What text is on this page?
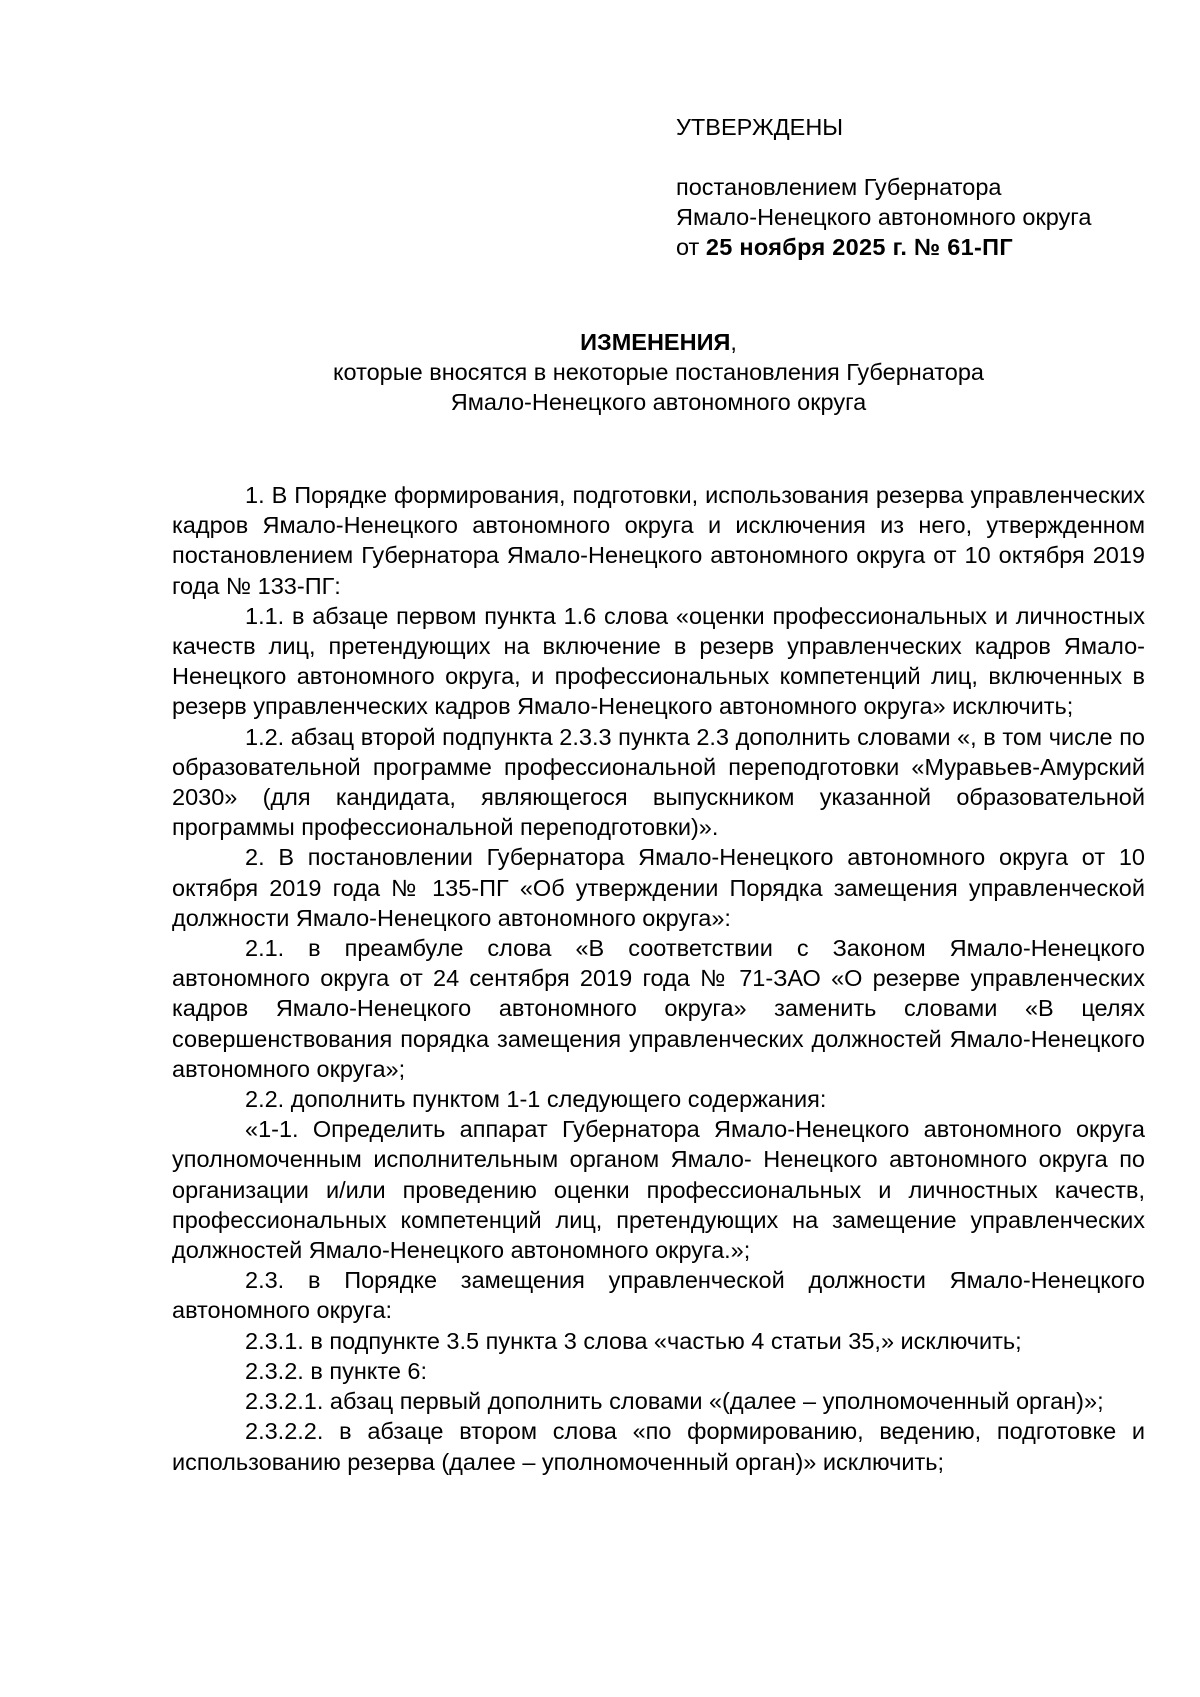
УТВЕРЖДЕНЫ
постановлением Губернатора
Ямало-Ненецкого автономного округа
от 25 ноября 2025 г. № 61-ПГ
ИЗМЕНЕНИЯ,
которые вносятся в некоторые постановления Губернатора
Ямало-Ненецкого автономного округа

1. В Порядке формирования, подготовки, использования резерва управленческих кадров Ямало-Ненецкого автономного округа и исключения из него, утвержденном постановлением Губернатора Ямало-Ненецкого автономного округа от 10 октября 2019 года № 133-ПГ:

1.1. в абзаце первом пункта 1.6 слова «оценки профессиональных и личностных качеств лиц, претендующих на включение в резерв управленческих кадров Ямало-Ненецкого автономного округа, и профессиональных компетенций лиц, включенных в резерв управленческих кадров Ямало-Ненецкого автономного округа» исключить;

1.2. абзац второй подпункта 2.3.3 пункта 2.3 дополнить словами «, в том числе по образовательной программе профессиональной переподготовки «Муравьев-Амурский 2030» (для кандидата, являющегося выпускником указанной образовательной программы профессиональной переподготовки)».

2. В постановлении Губернатора Ямало-Ненецкого автономного округа от 10 октября 2019 года № 135-ПГ «Об утверждении Порядка замещения управленческой должности Ямало-Ненецкого автономного округа»:

2.1. в преамбуле слова «В соответствии с Законом Ямало-Ненецкого автономного округа от 24 сентября 2019 года № 71-ЗАО «О резерве управленческих кадров Ямало-Ненецкого автономного округа» заменить словами «В целях совершенствования порядка замещения управленческих должностей Ямало-Ненецкого автономного округа»;

2.2. дополнить пунктом 1-1 следующего содержания:

«1-1. Определить аппарат Губернатора Ямало-Ненецкого автономного округа уполномоченным исполнительным органом Ямало- Ненецкого автономного округа по организации и/или проведению оценки профессиональных и личностных качеств, профессиональных компетенций лиц, претендующих на замещение управленческих должностей Ямало-Ненецкого автономного округа.»;

2.3. в Порядке замещения управленческой должности Ямало-Ненецкого автономного округа:

2.3.1. в подпункте 3.5 пункта 3 слова «частью 4 статьи 35,» исключить;

2.3.2. в пункте 6:

2.3.2.1. абзац первый дополнить словами «(далее – уполномоченный орган)»;

2.3.2.2. в абзаце втором слова «по формированию, ведению, подготовке и использованию резерва (далее – уполномоченный орган)» исключить;
